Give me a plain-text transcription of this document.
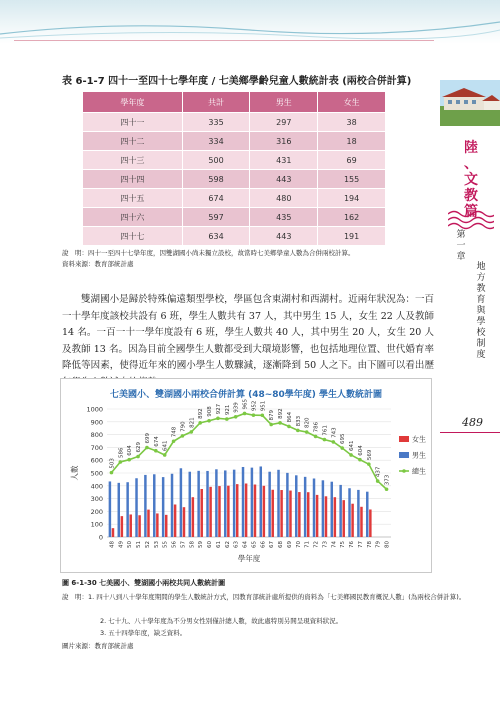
陸
、
文
教
篇
第
一
章
地
方
教
育
與
學
校
制
度
489
表 6-1-7 四十一至四十七學年度 / 七美鄉學齡兒童人數統計表 (兩校合併計算)
學年度	共計	男生	女生
四十一	335	297	38
四十二	334	316	18
四十三	500	431	69
四十四	598	443	155
四十五	674	480	194
四十六	597	435	162
四十七	634	443	191
說　明：四十一至四十七學年度，因雙湖國小尚未獨立設校，故當時七美鄉學童人數為合併兩校計算。
資料來源：教育部統計處

雙湖國小是歸於特殊偏遠類型學校，學區包含東湖村和西湖村。近兩年狀況為：一百一十學年度該校共設有 6 班，學生人數共有 37 人，其中男生 15 人，女生 22 人及教師 14 名。一百一十一學年度設有 6 班，學生人數共 40 人，其中男生 20 人，女生 20 人及教師 13 名。因為目前全國學生人數都受到大環境影響，也包括地理位置、世代婚育率降低等因素，使得近年來的國小學生人數驟減，逐漸降到 50 人之下。由下圖可以看出歷

七美國小、雙湖國小兩校合併計算 (48~80學年度) 學生人數統計圖
0
100
200
300
400
500
600
700
800
900
1000
人數
學年度
48 49 50 51 52 53 55 56 57 58 59 60 61 62 63 64 65 66 67 68 69 70 71 72 73 74 75 76 77 78 79 80
503
586 604 629
699 674 641
748
790 821
892 908 927 921 939 965 952 951
879 892 864 833 820 786 761 743
695
641 604 569
437
373
女生
男生
總生
圖 6-1-30 七美國小、雙湖國小兩校共同人數統計圖
說　明：1. 四十八到八十學年度期間的學生人數統計方式，因教育部統計處所提供的資料為「七美鄉國民教育概況人數」(為兩校合併計算)。
2. 七十九、八十學年度為不分男女性別僅計總人數，故此處特別另開呈現資料狀況。
3. 五十四學年度，缺乏資料。
圖片來源：教育部統計處
